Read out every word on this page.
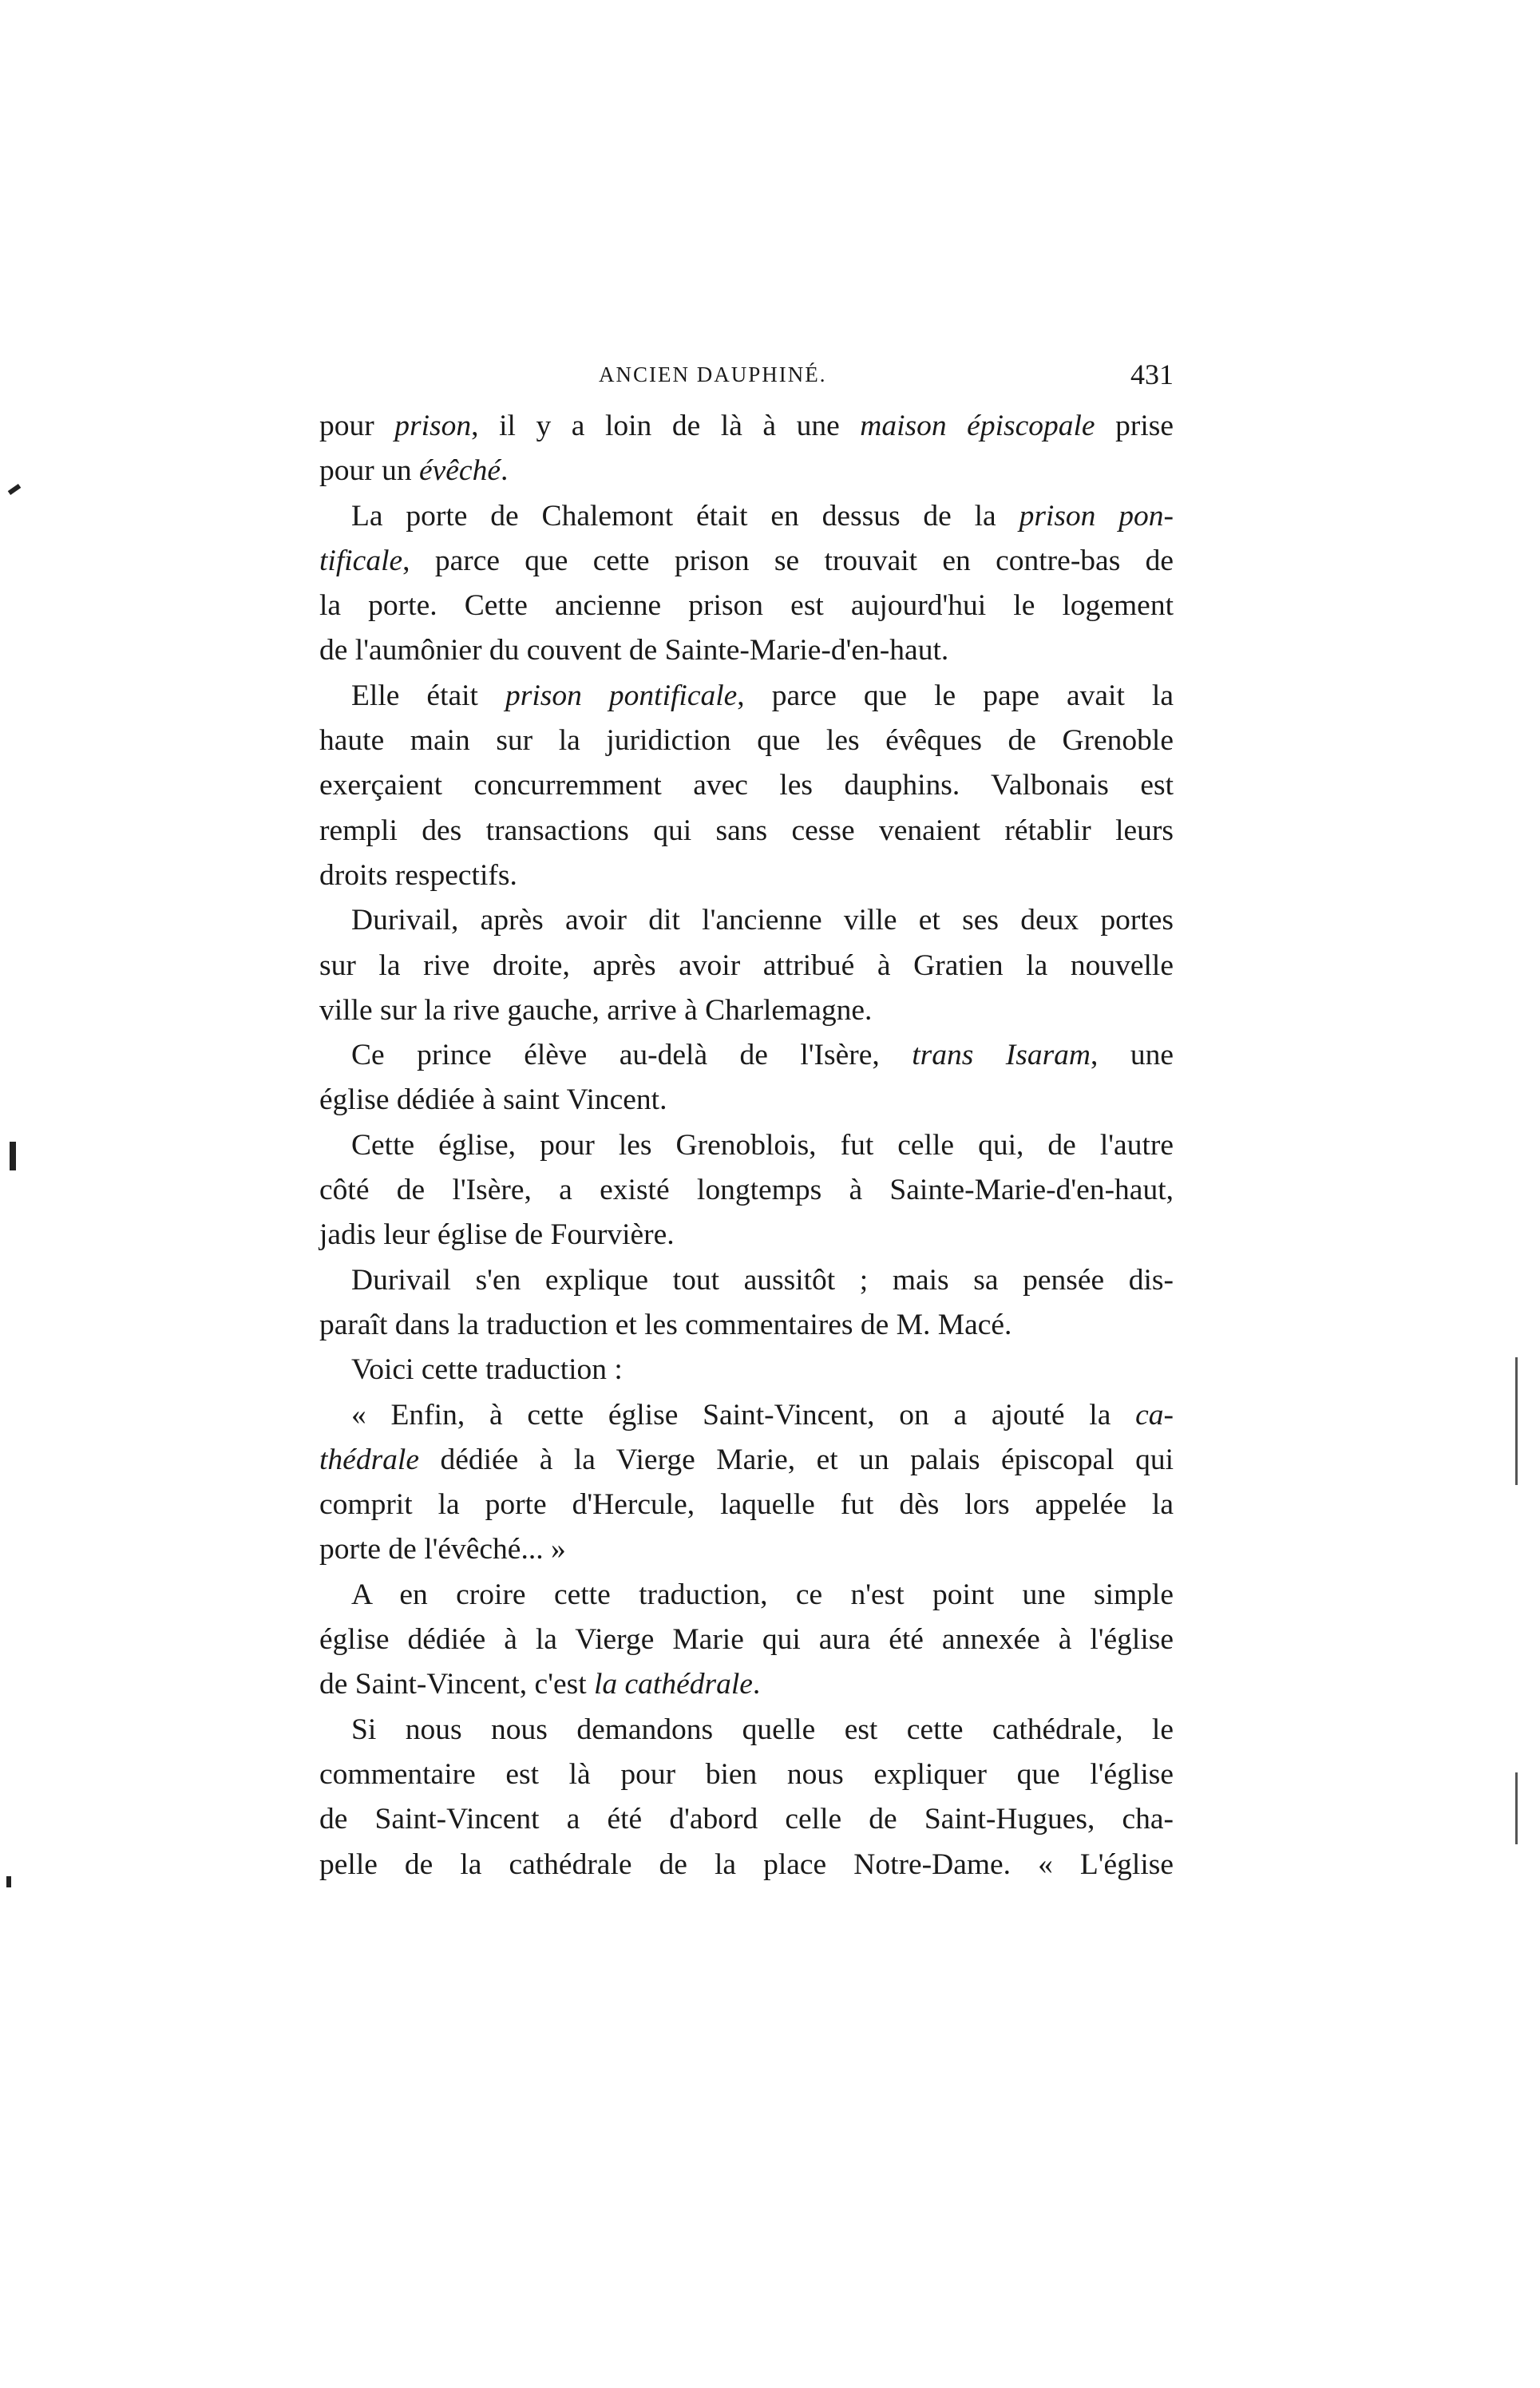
ANCIEN DAUPHINÉ.	431
pour prison, il y a loin de là à une maison épiscopale prise
pour un évêché.
La porte de Chalemont était en dessus de la prison pon-
tificale, parce que cette prison se trouvait en contre-bas de
la porte. Cette ancienne prison est aujourd'hui le logement
de l'aumônier du couvent de Sainte-Marie-d'en-haut.
Elle était prison pontificale, parce que le pape avait la
haute main sur la juridiction que les évêques de Grenoble
exerçaient concurremment avec les dauphins. Valbonais est
rempli des transactions qui sans cesse venaient rétablir leurs
droits respectifs.
Durivail, après avoir dit l'ancienne ville et ses deux portes
sur la rive droite, après avoir attribué à Gratien la nouvelle
ville sur la rive gauche, arrive à Charlemagne.
Ce prince élève au-delà de l'Isère, trans Isaram, une
église dédiée à saint Vincent.
Cette église, pour les Grenoblois, fut celle qui, de l'autre
côté de l'Isère, a existé longtemps à Sainte-Marie-d'en-haut,
jadis leur église de Fourvière.
Durivail s'en explique tout aussitôt ; mais sa pensée dis-
paraît dans la traduction et les commentaires de M. Macé.
Voici cette traduction :
« Enfin, à cette église Saint-Vincent, on a ajouté la ca-
thédrale dédiée à la Vierge Marie, et un palais épiscopal qui
comprit la porte d'Hercule, laquelle fut dès lors appelée la
porte de l'évêché... »
A en croire cette traduction, ce n'est point une simple
église dédiée à la Vierge Marie qui aura été annexée à l'église
de Saint-Vincent, c'est la cathédrale.
Si nous nous demandons quelle est cette cathédrale, le
commentaire est là pour bien nous expliquer que l'église
de Saint-Vincent a été d'abord celle de Saint-Hugues, cha-
pelle de la cathédrale de la place Notre-Dame. « L'église
